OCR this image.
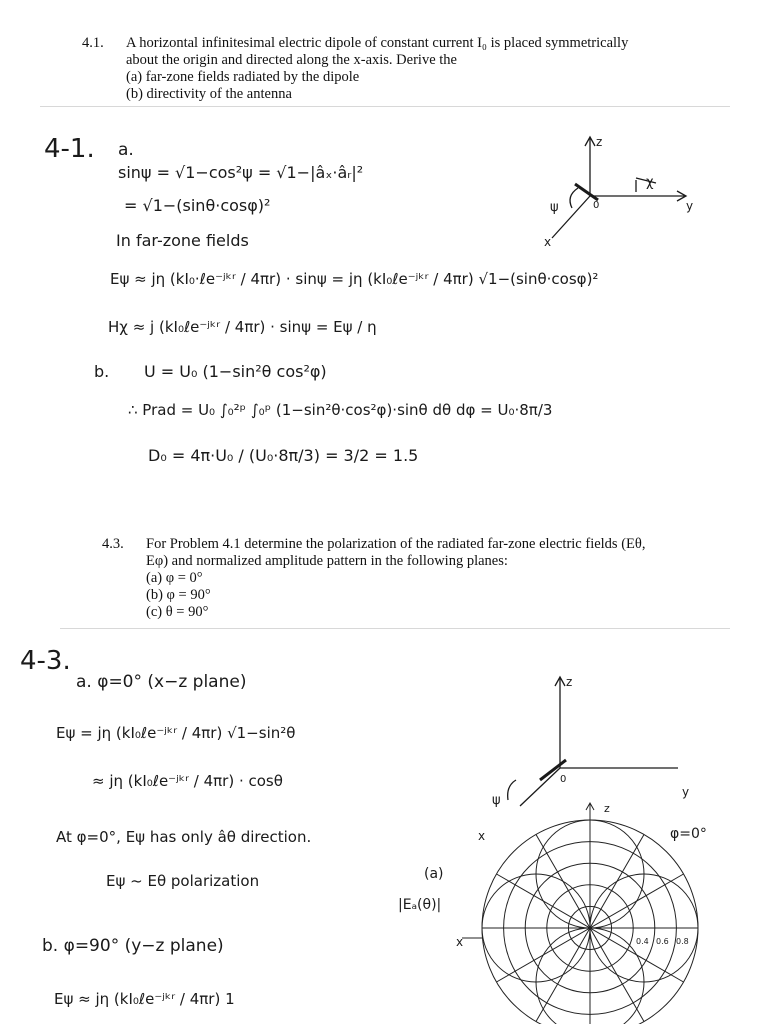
4.1. A horizontal infinitesimal electric dipole of constant current I₀ is placed symmetrically
about the origin and directed along the x-axis. Derive the
(a) far-zone fields radiated by the dipole
(b) directivity of the antenna
4-1. a.
sinψ = √1−cos²ψ = √1−|âₓ·âᵣ|²
= √1−(sinθ·cosφ)²
In far-zone fields
Eψ ≈ jη (kI₀·ℓe⁻ʲᵏʳ / 4πr) · sinψ = jη (kI₀ℓe⁻ʲᵏʳ / 4πr) √1−(sinθ·cosφ)²
Hχ ≈ j (kI₀ℓe⁻ʲᵏʳ / 4πr) · sinψ = Eψ / η
b. U = U₀ (1−sin²θ cos²φ)
∴ Prad = U₀ ∫₀²ᵖ ∫₀ᵖ (1−sin²θ·cos²φ)·sinθ dθ dφ = U₀·8π/3
D₀ = 4π·U₀ / (U₀·8π/3) = 3/2 = 1.5
z
y
x
0
ψ
χ
4.3. For Problem 4.1 determine the polarization of the radiated far-zone electric fields (Eθ,
Eφ) and normalized amplitude pattern in the following planes:
(a) φ = 0°
(b) φ = 90°
(c) θ = 90°
4-3.
a. φ=0° (x−z plane)
Eψ = jη (kI₀ℓe⁻ʲᵏʳ / 4πr) √1−sin²θ
≈ jη (kI₀ℓe⁻ʲᵏʳ / 4πr) · cosθ
At φ=0°, Eψ has only âθ direction.
Eψ ~ Eθ polarization
b. φ=90° (y−z plane)
Eψ ≈ jη (kI₀ℓe⁻ʲᵏʳ / 4πr) 1
z
y
x
0
ψ
(a)
|Eₐ(θ)|
φ=0°
z
x	0.4 0.6 0.8
